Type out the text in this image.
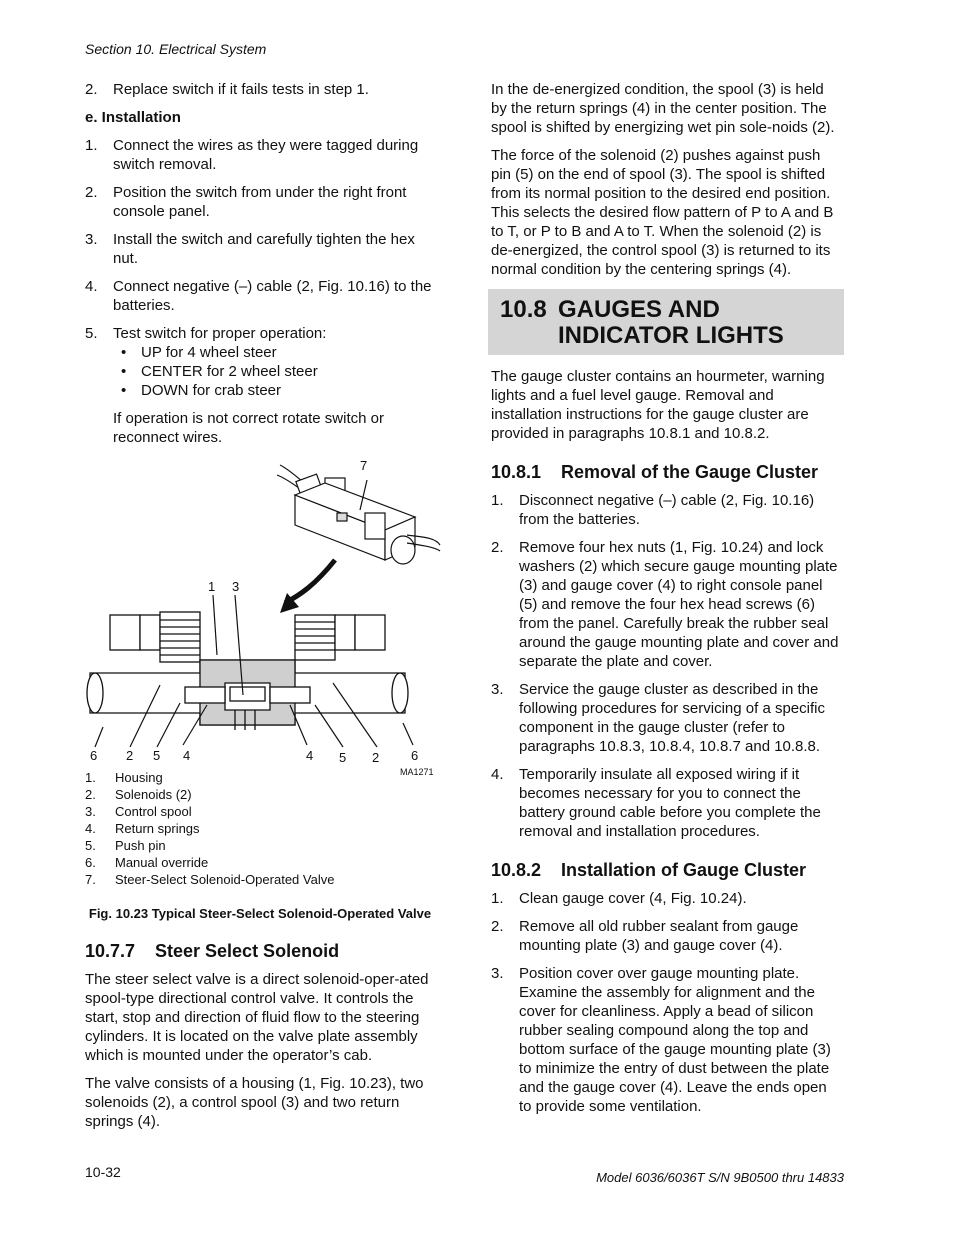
Section 10. Electrical System
2.	Replace switch if it fails tests in step 1.
e. Installation
1.	Connect the wires as they were tagged during switch removal.
2.	Position the switch from under the right front console panel.
3.	Install the switch and carefully tighten the hex nut.
4.	Connect negative (–) cable (2, Fig. 10.16) to the batteries.
5.	Test switch for proper operation:
• UP for 4 wheel steer
• CENTER for 2 wheel steer
• DOWN for crab steer
If operation is not correct rotate switch or reconnect wires.
7
1 3
6 2 5 4	4 5 2 6
MA1271
1.	Housing
2.	Solenoids (2)
3.	Control spool
4.	Return springs
5.	Push pin
6.	Manual override
7.	Steer-Select Solenoid-Operated Valve
Fig. 10.23 Typical Steer-Select Solenoid-Operated Valve
10.7.7	Steer Select Solenoid
The steer select valve is a direct solenoid-oper-ated spool-type directional control valve. It controls the start, stop and direction of fluid flow to the steering cylinders. It is located on the valve plate assembly which is mounted under the operator’s cab.
The valve consists of a housing (1, Fig. 10.23), two solenoids (2), a control spool (3) and two return springs (4).
In the de-energized condition, the spool (3) is held by the return springs (4) in the center position. The spool is shifted by energizing wet pin sole-noids (2).
The force of the solenoid (2) pushes against push pin (5) on the end of spool (3). The spool is shifted from its normal position to the desired end position. This selects the desired flow pattern of P to A and B to T, or P to B and A to T. When the solenoid (2) is de-energized, the control spool (3) is returned to its normal condition by the centering springs (4).
10.8 GAUGES AND INDICATOR LIGHTS
The gauge cluster contains an hourmeter, warning lights and a fuel level gauge. Removal and installation instructions for the gauge cluster are provided in paragraphs 10.8.1 and 10.8.2.
10.8.1	Removal of the Gauge Cluster
1.	Disconnect negative (–) cable (2, Fig. 10.16) from the batteries.
2.	Remove four hex nuts (1, Fig. 10.24) and lock washers (2) which secure gauge mounting plate (3) and gauge cover (4) to right console panel (5) and remove the four hex head screws (6) from the panel. Carefully break the rubber seal around the gauge mounting plate and cover and separate the plate and cover.
3.	Service the gauge cluster as described in the following procedures for servicing of a specific component in the gauge cluster (refer to paragraphs 10.8.3, 10.8.4, 10.8.7 and 10.8.8.
4.	Temporarily insulate all exposed wiring if it becomes necessary for you to connect the battery ground cable before you complete the removal and installation procedures.
10.8.2	Installation of Gauge Cluster
1.	Clean gauge cover (4, Fig. 10.24).
2.	Remove all old rubber sealant from gauge mounting plate (3) and gauge cover (4).
3.	Position cover over gauge mounting plate. Examine the assembly for alignment and the cover for cleanliness. Apply a bead of silicon rubber sealing compound along the top and bottom surface of the gauge mounting plate (3) to minimize the entry of dust between the plate and the gauge cover (4). Leave the ends open to provide some ventilation.
10-32	Model 6036/6036T S/N 9B0500 thru 14833
